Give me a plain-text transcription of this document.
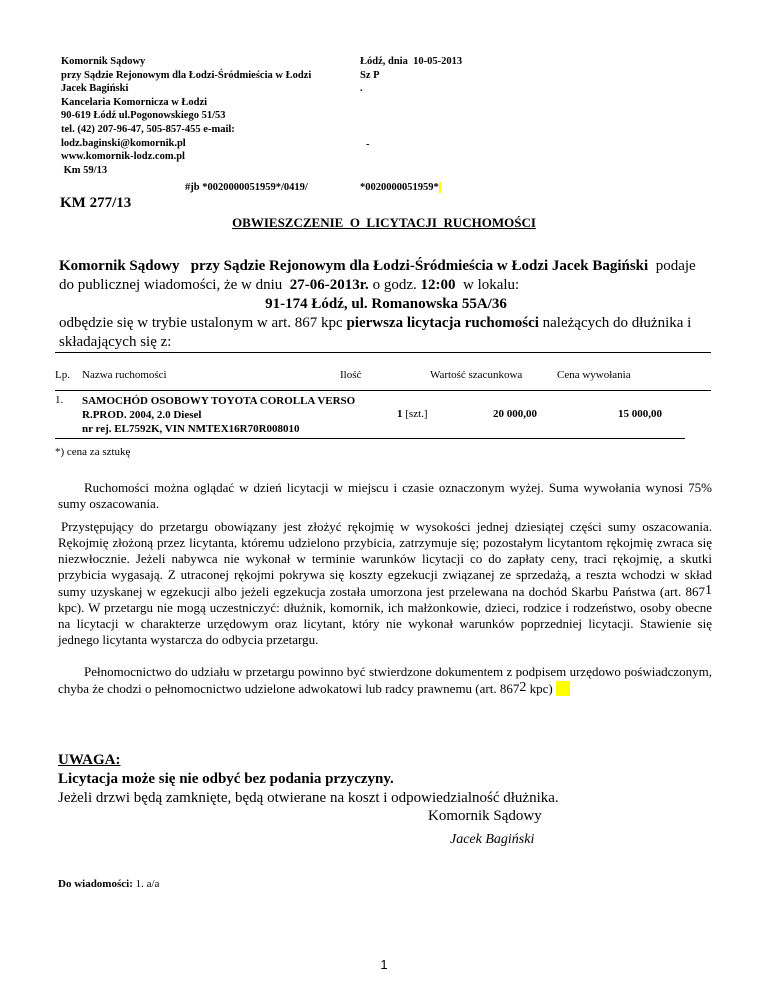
Komornik Sądowy
przy Sądzie Rejonowym dla Łodzi-Śródmieścia w Łodzi
Jacek Bagiński
Kancelaria Komornicza w Łodzi
90-619 Łódź ul.Pogonowskiego 51/53
tel. (42) 207-96-47, 505-857-455 e-mail:
lodz.baginski@komornik.pl
www.komornik-lodz.com.pl
Km 59/13
Łódź, dnia  10-05-2013
Sz P
.
-
#jb *0020000051959*/0419/	*0020000051959*
KM 277/13
OBWIESZCZENIE  O  LICYTACJI  RUCHOMOŚCI
Komornik Sądowy   przy Sądzie Rejonowym dla Łodzi-Śródmieścia w Łodzi Jacek Bagiński  podaje do publicznej wiadomości, że w dniu  27-06-2013r. o godz. 12:00  w lokalu:
91-174 Łódź, ul. Romanowska 55A/36
odbędzie się w trybie ustalonym w art. 867 kpc pierwsza licytacja ruchomości należących do dłużnika i składających się z:
Lp. Nazwa ruchomości	Ilość	Wartość szacunkowa	Cena wywołania
1. SAMOCHÓD OSOBOWY TOYOTA COROLLA VERSO
R.PROD. 2004, 2.0 Diesel
nr rej. EL7592K, VIN NMTEX16R70R008010
1 [szt.]	20 000,00	15 000,00
*) cena za sztukę
Ruchomości można oglądać w dzień licytacji w miejscu i czasie oznaczonym wyżej. Suma wywołania wynosi 75% sumy oszacowania.
Przystępujący do przetargu obowiązany jest złożyć rękojmię w wysokości jednej dziesiątej części sumy oszacowania. Rękojmię złożoną przez licytanta, któremu udzielono przybicia, zatrzymuje się; pozostałym licytantom rękojmię zwraca się niezwłocznie. Jeżeli nabywca nie wykonał w terminie warunków licytacji co do zapłaty ceny, traci rękojmię, a skutki przybicia wygasają. Z utraconej rękojmi pokrywa się koszty egzekucji związanej ze sprzedażą, a reszta wchodzi w skład sumy uzyskanej w egzekucji albo jeżeli egzekucja została umorzona jest przelewana na dochód Skarbu Państwa (art. $867^1$ kpc). W przetargu nie mogą uczestniczyć: dłużnik, komornik, ich małżonkowie, dzieci, rodzice i rodzeństwo, osoby obecne na licytacji w charakterze urzędowym oraz licytant, który nie wykonał warunków poprzedniej licytacji. Stawienie się jednego licytanta wystarcza do odbycia przetargu.
Pełnomocnictwo do udziału w przetargu powinno być stwierdzone dokumentem z podpisem urzędowo poświadczonym, chyba że chodzi o pełnomocnictwo udzielone adwokatowi lub radcy prawnemu (art. $867^2$ kpc)
UWAGA:
Licytacja może się nie odbyć bez podania przyczyny.
Jeżeli drzwi będą zamknięte, będą otwierane na koszt i odpowiedzialność dłużnika.
Komornik Sądowy
Jacek Bagiński
Do wiadomości: 1. a/a
1
